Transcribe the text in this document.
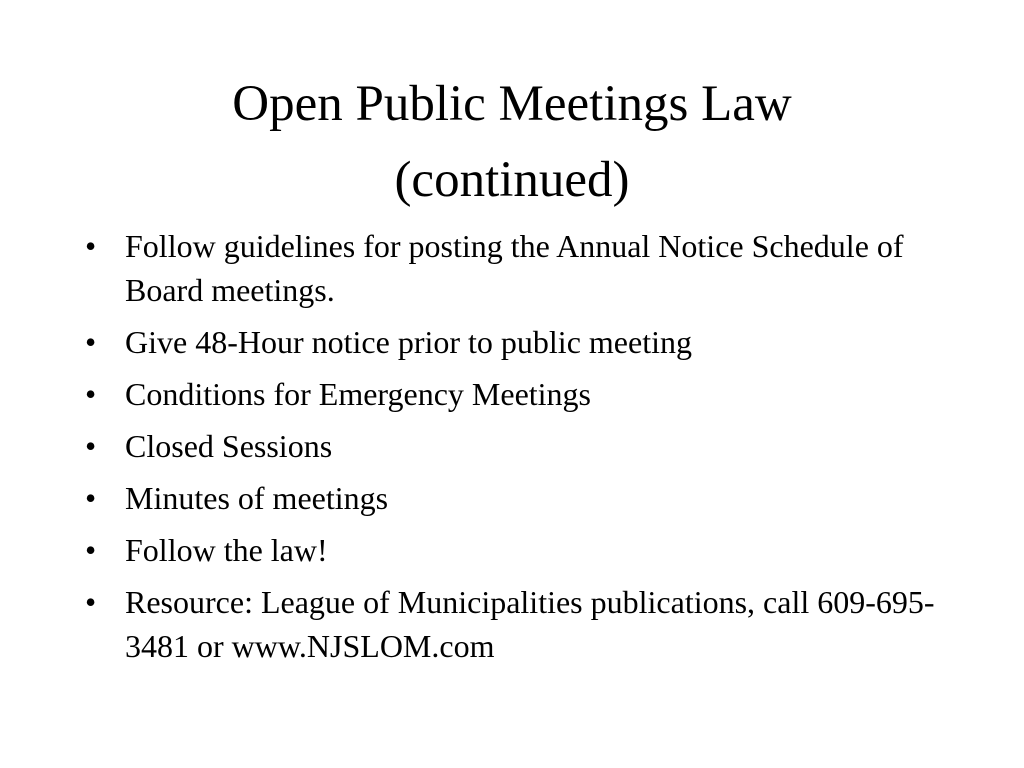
Open Public Meetings Law
(continued)
• Follow guidelines for posting the Annual Notice Schedule of Board meetings.
• Give 48-Hour notice prior to public meeting
• Conditions for Emergency Meetings
• Closed Sessions
• Minutes of meetings
• Follow the law!
• Resource: League of Municipalities publications, call 609-695-3481 or www.NJSLOM.com
